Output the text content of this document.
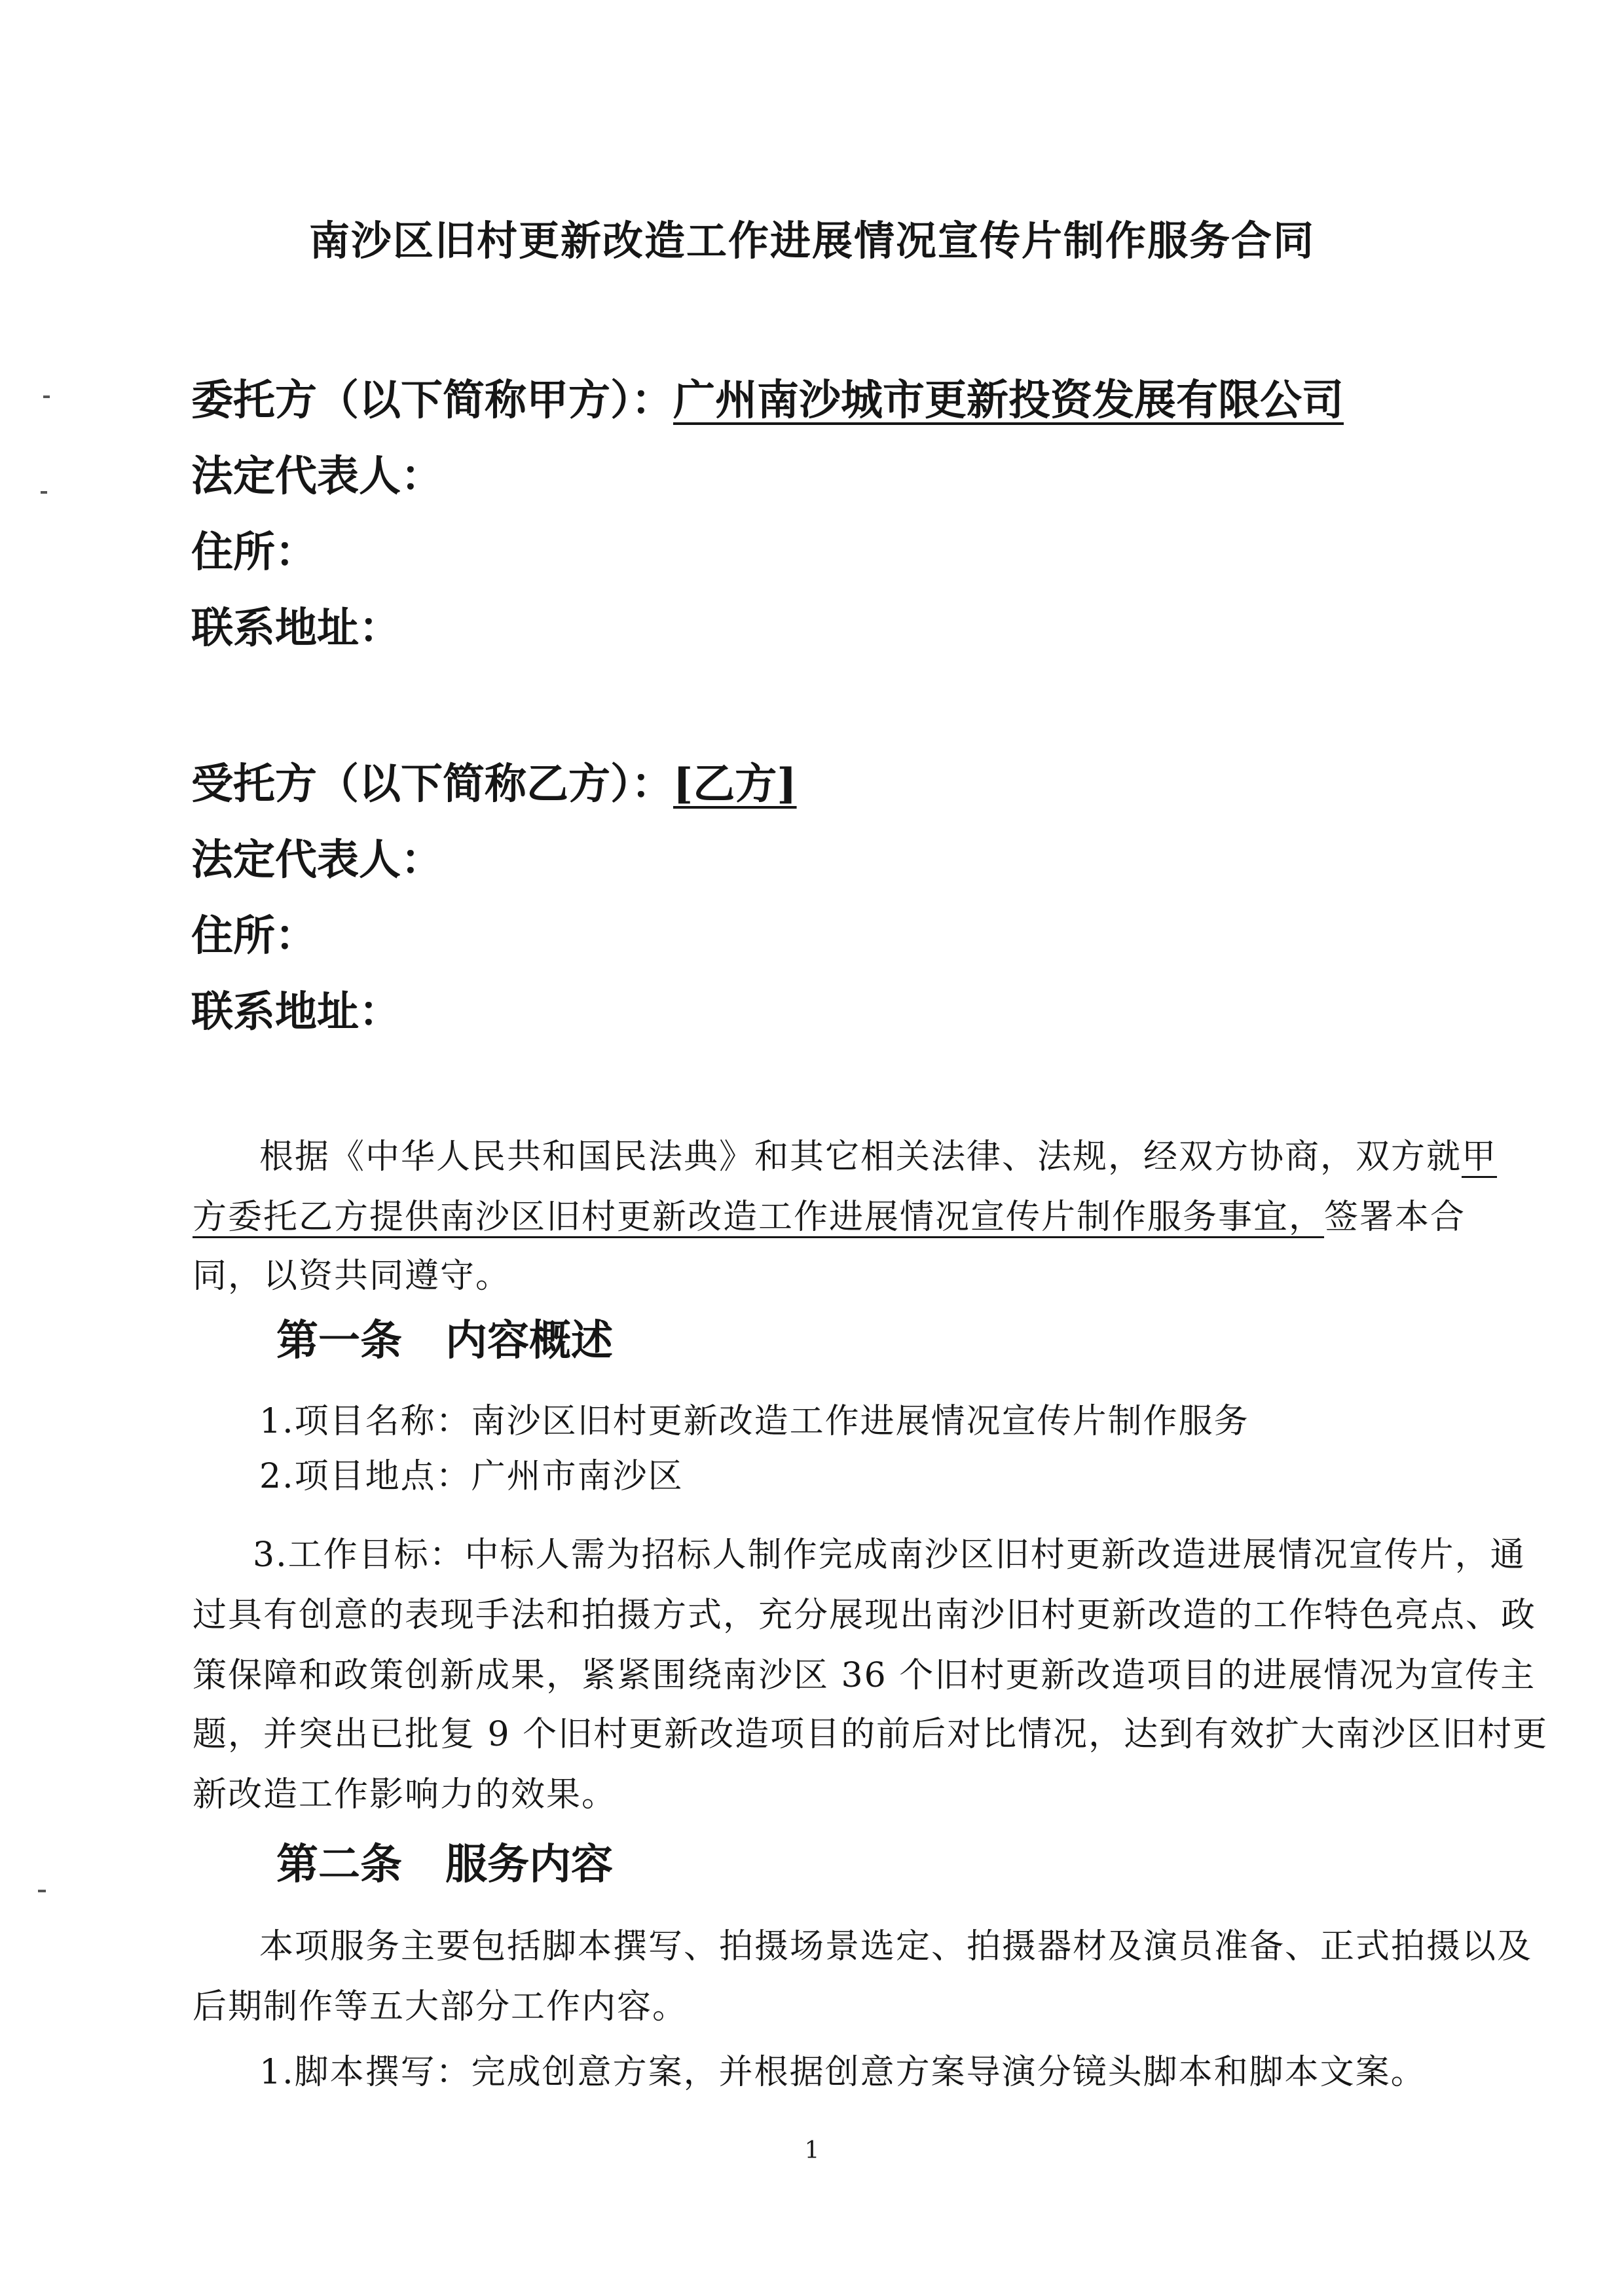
南沙区旧村更新改造工作进展情况宣传片制作服务合同
委托方（以下简称甲方）：广州南沙城市更新投资发展有限公司
法定代表人：
住所：
联系地址：
受托方（以下简称乙方）：[乙方]
法定代表人：
住所：
联系地址：
根据《中华人民共和国民法典》和其它相关法律、法规，经双方协商，双方就甲
方委托乙方提供南沙区旧村更新改造工作进展情况宣传片制作服务事宜，签署本合
同，以资共同遵守。
第一条 内容概述
1.项目名称：南沙区旧村更新改造工作进展情况宣传片制作服务
2.项目地点：广州市南沙区
3.工作目标：中标人需为招标人制作完成南沙区旧村更新改造进展情况宣传片，通
过具有创意的表现手法和拍摄方式，充分展现出南沙旧村更新改造的工作特色亮点、政
策保障和政策创新成果，紧紧围绕南沙区 36 个旧村更新改造项目的进展情况为宣传主
题，并突出已批复 9 个旧村更新改造项目的前后对比情况，达到有效扩大南沙区旧村更
新改造工作影响力的效果。
第二条 服务内容
本项服务主要包括脚本撰写、拍摄场景选定、拍摄器材及演员准备、正式拍摄以及
后期制作等五大部分工作内容。
1.脚本撰写：完成创意方案，并根据创意方案导演分镜头脚本和脚本文案。
1
